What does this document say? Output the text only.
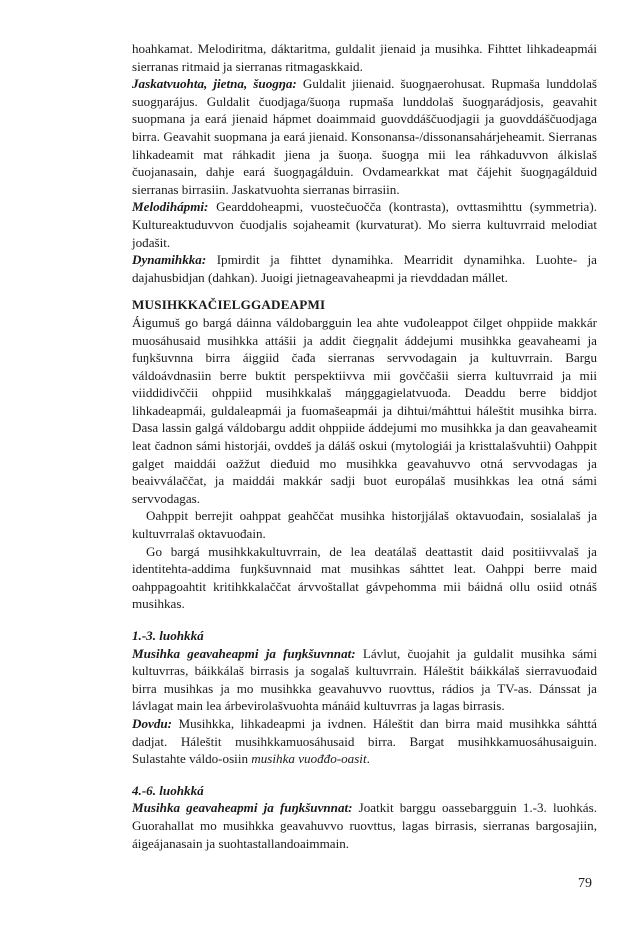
hoahkamat. Melodiritma, dáktaritma, guldalit jienaid ja musihka. Fihttet lihkadeapmái sierranas ritmaid ja sierranas ritmagaskkaid.

Jaskatvuohta, jietna, šuogŋa: Guldalit jiienaid. šuogŋaerohusat. Rupmaša lunddolaš suogŋarájus. Guldalit čuodjaga/šuoŋa rupmaša lunddolaš šuogŋarádjosis, geavahit suopmana ja eará jienaid hápmet doaimmaid guovddáščuodjagii ja guovddáščuodjaga birra. Geavahit suopmana ja eará jienaid. Konsonansa-/dissonansahárjeheamit. Sierranas lihkadeamit mat ráhkadit jiena ja šuoŋa. šuogŋa mii lea ráhkaduvvon álkislaš čuojanasain, dahje eará šuogŋagálduin. Ovdamearkkat mat čájehit šuogŋagálduid sierranas birrasiin. Jaskatvuohta sierranas birrasiin.

Melodihápmi: Gearddoheapmi, vuostečuočča (kontrasta), ovttasmihttu (symmetria). Kultureaktuduvvon čuodjalis sojaheamit (kurvaturat). Mo sierra kultuvrraid melodiat jođašit.

Dynamihkka: Ipmirdit ja fihttet dynamihka. Mearridit dynamihka. Luohte- ja dajahusbidjan (dahkan). Juoigi jietnageavaheapmi ja rievddadan mállet.

MUSIHKKAČIELGGADEAPMI

Áigumuš go bargá dáinna váldobargguin lea ahte vuđoleappot čilget ohppiide makkár muosáhusaid musihkka attášii ja addit čiegŋalit áddejumi musihkka geavaheami ja fuŋkšuvnna birra áiggiid čađa sierranas servvodagain ja kultuvrrain. Bargu váldoávdnasiin berre buktit perspektiivva mii govččašii sierra kultuvrraid ja mii viiddidivččii ohppiid musihkkalaš máŋggagielatvuođa. Deaddu berre biddjot lihkadeapmái, guldaleapmái ja fuomašeapmái ja dihtui/máhttui háleštit musihka birra. Dasa lassin galgá váldobargu addit ohppiide áddejumi mo musihkka ja dan geavaheamit leat čadnon sámi historjái, ovddeš ja dáláš oskui (mytologiái ja kristtalašvuhtii) Oahppit galget maiddái oažžut dieđuid mo musihkka geavahuvvo otná servvodagas ja beaivválaččat, ja maiddái makkár sadji buot europálaš musihkkas lea otná sámi servvodagas.

Oahppit berrejit oahppat geahččat musihka historjjálaš oktavuođain, sosialalaš ja kultuvrralaš oktavuođain.

Go bargá musihkkakultuvrrain, de lea deatálaš deattastit daid positiivvalaš ja identitehta-addima fuŋkšuvnnaid mat musihkas sáhttet leat. Oahppi berre maid oahppagoahtit kritihkkalaččat árvvoštallat gávpehomma mii báidná ollu osiid otnáš musihkas.

1.-3. luohkká

Musihka geavaheapmi ja fuŋkšuvnnat: Lávlut, čuojahit ja guldalit musihka sámi kultuvrras, báikkálaš birrasis ja sogalaš kultuvrrain. Háleštit báikkálaš sierravuođaid birra musihkas ja mo musihkka geavahuvvo ruovttus, rádios ja TV-as. Dánssat ja lávlagat main lea árbevirolašvuohta mánáid kultuvrras ja lagas birrasis.

Dovdu: Musihkka, lihkadeapmi ja ivdnen. Háleštit dan birra maid musihkka sáhttá dadjat. Háleštit musihkkamuosáhusaid birra. Bargat musihkkamuosáhusaiguin. Sulastahte váldo-osiin musihka vuođđo-oasit.

4.-6. luohkká

Musihka geavaheapmi ja fuŋkšuvnnat: Joatkit barggu oassebargguin 1.-3. luohkás. Guorahallat mo musihkka geavahuvvo ruovttus, lagas birrasis, sierranas bargosajiin, áigeájanasain ja suohtastallandoaimmain.

79
